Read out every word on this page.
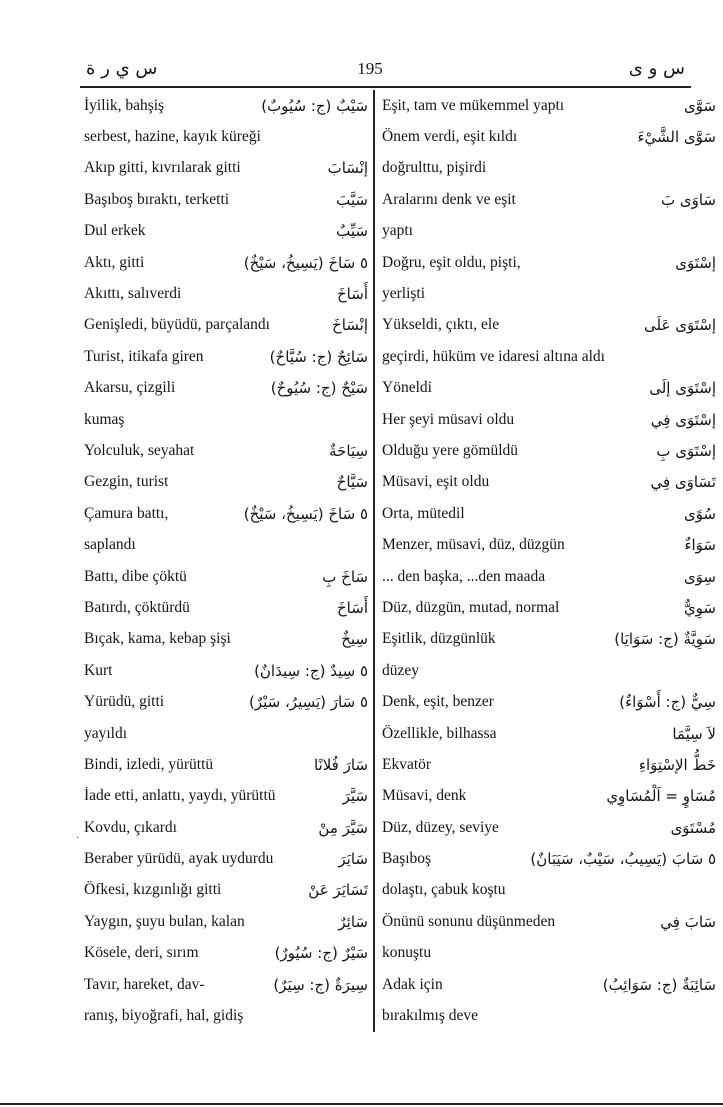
س ي ر ة	195	س و ى
·
İyilik, bahşiş	سَيْبٌ (ج: سُيُوبٌ)
serbest, hazine, kayık küreği
Akıp gitti, kıvrılarak gitti	إنْسَابَ
Başıboş bıraktı, terketti	سَيَّبَ
Dul erkek	سَيِّبٌ
Aktı, gitti	٥ سَاخَ (يَسِيخُ، سَيْخٌ)
Akıttı, salıverdi	أَسَاخَ
Genişledi, büyüdü, parçalandı	إنْسَاخَ
Turist, itikafa giren	سَائِحٌ (ج: سُيَّاحٌ)
Akarsu, çizgili	سَيْحٌ (ج: سُيُوحٌ)
kumaş
Yolculuk, seyahat	سِيَاحَةٌ
Gezgin, turist	سَيَّاحٌ
Çamura battı,	٥ سَاخَ (يَسِيخُ، سَيْخٌ)
saplandı
Battı, dibe çöktü	سَاخَ بِ
Batırdı, çöktürdü	أَسَاخَ
Bıçak, kama, kebap şişi	سِيخٌ
Kurt	٥ سِيدٌ (ج: سِيدَانٌ)
Yürüdü, gitti	٥ سَارَ (يَسِيرُ، سَيْرٌ)
yayıldı
Bindi, izledi, yürüttü	سَارَ فُلانًا
İade etti, anlattı, yaydı, yürüttü	سَيَّرَ
Kovdu, çıkardı	سَيَّرَ مِنْ
Beraber yürüdü, ayak uydurdu	سَايَرَ
Öfkesi, kızgınlığı gitti	تَسَايَرَ عَنْ
Yaygın, şuyu bulan, kalan	سَائِرٌ
Kösele, deri, sırım	سَيْرٌ (ج: سُيُورٌ)
Tavır, hareket, dav-	سِيرَةٌ (ج: سِيَرٌ)
ranış, biyoğrafi, hal, gidiş
Eşit, tam ve mükemmel yaptı	سَوَّى
Önem verdi, eşit kıldı	سَوَّى الشَّيْءَ
doğrulttu, pişirdi
Aralarını denk ve eşit	سَاوَى بَ
yaptı
Doğru, eşit oldu, pişti,	إسْتَوَى
yerlişti
Yükseldi, çıktı, ele	إسْتَوَى عَلَى
geçirdi, hüküm ve idaresi altına aldı
Yöneldi	إسْتَوَى إلَى
Her şeyi müsavi oldu	إسْتَوَى فِي
Olduğu yere gömüldü	إسْتَوَى بِ
Müsavi, eşit oldu	تَسَاوَى فِي
Orta, mütedil	سُوًى
Menzer, müsavi, düz, düzgün	سَوَاءٌ
... den başka, ...den maada	سِوَى
Düz, düzgün, mutad, normal	سَوِيٌّ
Eşitlik, düzgünlük	سَوِيَّةٌ (ج: سَوَايَا)
düzey
Denk, eşit, benzer	سِيٌّ (ج: أَسْوَاءٌ)
Özellikle, bilhassa	لاَ سِيَّمَا
Ekvatör	خَطُّ الإسْتِوَاءِ
Müsavi, denk	مُسَاوٍ = اَلْمُسَاوِي
Düz, düzey, seviye	مُسْتَوَى
Başıboş	٥ سَابَ (يَسِيبُ، سَيْبٌ، سَيَبَانٌ)
dolaştı, çabuk koştu
Önünü sonunu düşünmeden	سَابَ فِي
konuştu
Adak için	سَائِبَةٌ (ج: سَوَائِبُ)
bırakılmış deve
